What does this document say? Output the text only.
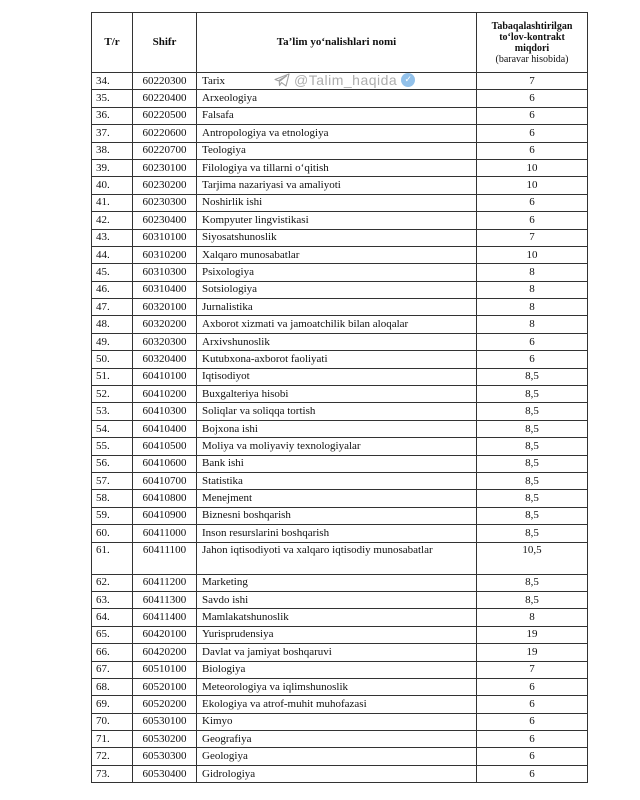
T/r	Shifr	Ta’lim yo‘nalishlari nomi	Tabaqalashtirilgan to‘lov-kontrakt miqdori
(baravar hisobida)

34.	60220300	Tarix	7
35.	60220400	Arxeologiya	6
36.	60220500	Falsafa	6
37.	60220600	Antropologiya va etnologiya	6
38.	60220700	Teologiya	6
39.	60230100	Filologiya va tillarni o‘qitish	10
40.	60230200	Tarjima nazariyasi va amaliyoti	10
41.	60230300	Noshirlik ishi	6
42.	60230400	Kompyuter lingvistikasi	6
43.	60310100	Siyosatshunoslik	7
44.	60310200	Xalqaro munosabatlar	10
45.	60310300	Psixologiya	8
46.	60310400	Sotsiologiya	8
47.	60320100	Jurnalistika	8
48.	60320200	Axborot xizmati va jamoatchilik bilan aloqalar	8
49.	60320300	Arxivshunoslik	6
50.	60320400	Kutubxona-axborot faoliyati	6
51.	60410100	Iqtisodiyot	8,5
52.	60410200	Buxgalteriya hisobi	8,5
53.	60410300	Soliqlar va soliqqa tortish	8,5
54.	60410400	Bojxona ishi	8,5
55.	60410500	Moliya va moliyaviy texnologiyalar	8,5
56.	60410600	Bank ishi	8,5
57.	60410700	Statistika	8,5
58.	60410800	Menejment	8,5
59.	60410900	Biznesni boshqarish	8,5
60.	60411000	Inson resurslarini boshqarish	8,5
61.	60411100	Jahon iqtisodiyoti va xalqaro iqtisodiy munosabatlar	10,5
62.	60411200	Marketing	8,5
63.	60411300	Savdo ishi	8,5
64.	60411400	Mamlakatshunoslik	8
65.	60420100	Yurisprudensiya	19
66.	60420200	Davlat va jamiyat boshqaruvi	19
67.	60510100	Biologiya	7
68.	60520100	Meteorologiya va iqlimshunoslik	6
69.	60520200	Ekologiya va atrof-muhit muhofazasi	6
70.	60530100	Kimyo	6
71.	60530200	Geografiya	6
72.	60530300	Geologiya	6
73.	60530400	Gidrologiya	6
@Talim_haqida ✓
